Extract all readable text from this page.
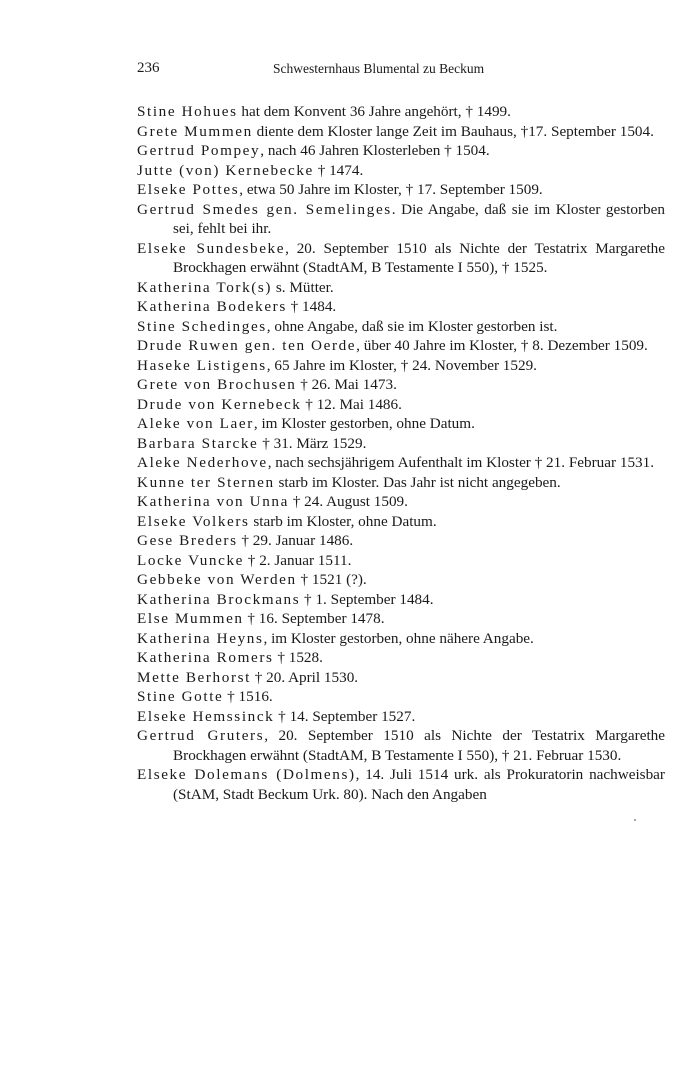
236	Schwesternhaus Blumental zu Beckum
Stine Hohues hat dem Konvent 36 Jahre angehört, † 1499.
Grete Mummen diente dem Kloster lange Zeit im Bauhaus, †17. September 1504.
Gertrud Pompey, nach 46 Jahren Klosterleben † 1504.
Jutte (von) Kernebecke † 1474.
Elseke Pottes, etwa 50 Jahre im Kloster, † 17. September 1509.
Gertrud Smedes gen. Semelinges. Die Angabe, daß sie im Kloster gestorben sei, fehlt bei ihr.
Elseke Sundesbeke, 20. September 1510 als Nichte der Testatrix Margarethe Brockhagen erwähnt (StadtAM, B Testamente I 550), † 1525.
Katherina Tork(s) s. Mütter.
Katherina Bodekers † 1484.
Stine Schedinges, ohne Angabe, daß sie im Kloster gestorben ist.
Drude Ruwen gen. ten Oerde, über 40 Jahre im Kloster, † 8. Dezember 1509.
Haseke Listigens, 65 Jahre im Kloster, † 24. November 1529.
Grete von Brochusen † 26. Mai 1473.
Drude von Kernebeck † 12. Mai 1486.
Aleke von Laer, im Kloster gestorben, ohne Datum.
Barbara Starcke † 31. März 1529.
Aleke Nederhove, nach sechsjährigem Aufenthalt im Kloster † 21. Februar 1531.
Kunne ter Sternen starb im Kloster. Das Jahr ist nicht angegeben.
Katherina von Unna † 24. August 1509.
Elseke Volkers starb im Kloster, ohne Datum.
Gese Breders † 29. Januar 1486.
Locke Vuncke † 2. Januar 1511.
Gebbeke von Werden † 1521 (?).
Katherina Brockmans † 1. September 1484.
Else Mummen † 16. September 1478.
Katherina Heyns, im Kloster gestorben, ohne nähere Angabe.
Katherina Romers † 1528.
Mette Berhorst † 20. April 1530.
Stine Gotte † 1516.
Elseke Hemssinck † 14. September 1527.
Gertrud Gruters, 20. September 1510 als Nichte der Testatrix Margarethe Brockhagen erwähnt (StadtAM, B Testamente I 550), † 21. Februar 1530.
Elseke Dolemans (Dolmens), 14. Juli 1514 urk. als Prokuratorin nachweisbar (StAM, Stadt Beckum Urk. 80). Nach den Angaben
